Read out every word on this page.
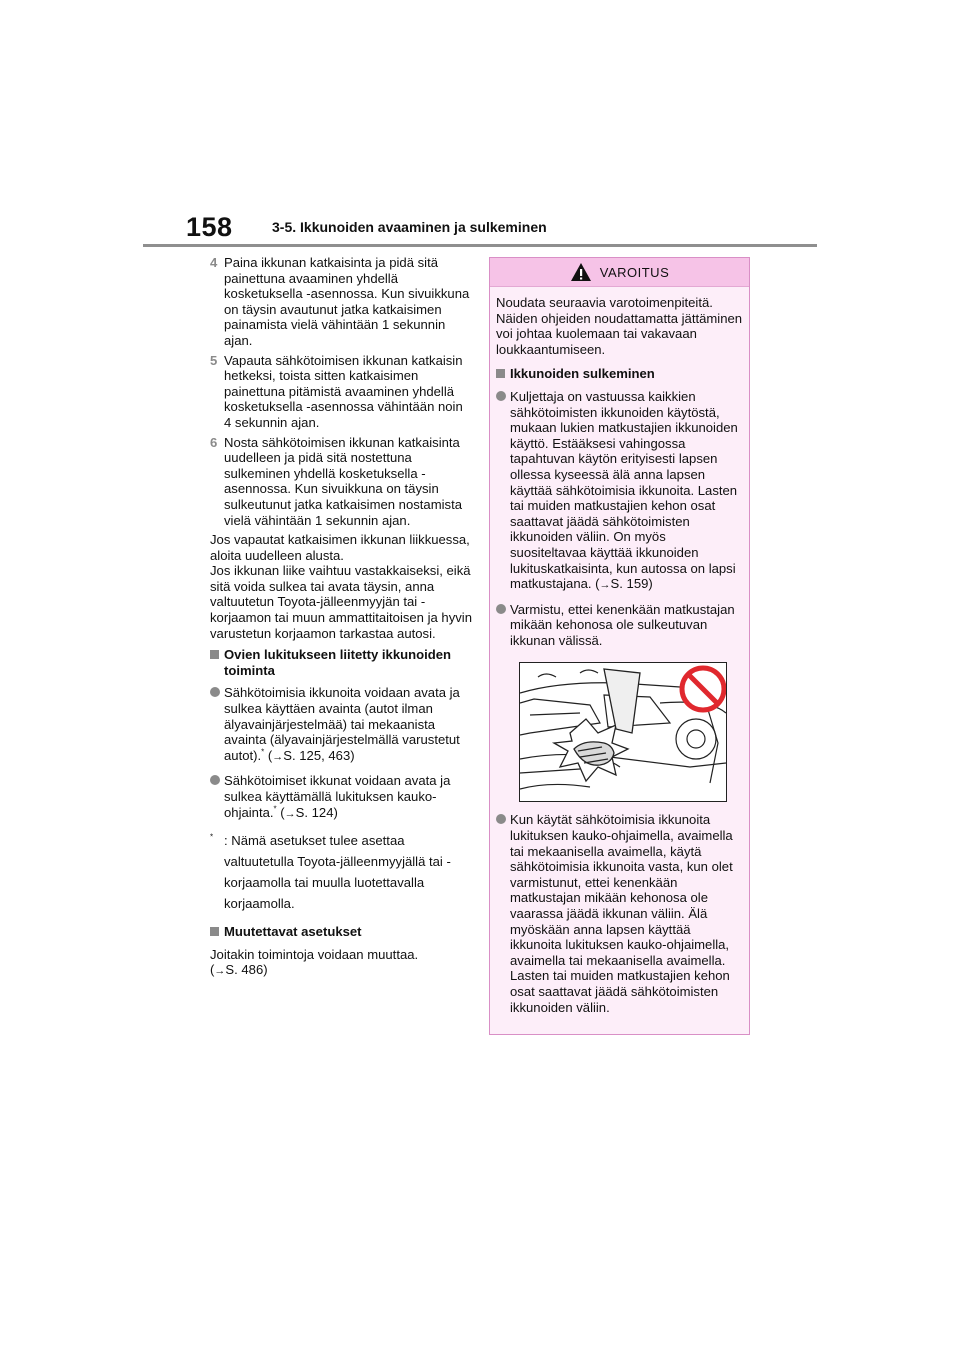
158	3-5. Ikkunoiden avaaminen ja sulkeminen
4 Paina ikkunan katkaisinta ja pidä sitä painettuna avaaminen yhdellä kosketuksella -asennossa. Kun sivuikkuna on täysin avautunut jatka katkaisimen painamista vielä vähintään 1 sekunnin ajan.
5 Vapauta sähkötoimisen ikkunan katkaisin hetkeksi, toista sitten katkaisimen painettuna pitämistä avaaminen yhdellä kosketuksella -asennossa vähintään noin 4 sekunnin ajan.
6 Nosta sähkötoimisen ikkunan katkaisinta uudelleen ja pidä sitä nostettuna sulkeminen yhdellä kosketuksella -asennossa. Kun sivuikkuna on täysin sulkeutunut jatka katkaisimen nostamista vielä vähintään 1 sekunnin ajan.

Jos vapautat katkaisimen ikkunan liikkuessa, aloita uudelleen alusta.

Jos ikkunan liike vaihtuu vastakkaiseksi, eikä sitä voida sulkea tai avata täysin, anna valtuutetun Toyota-jälleenmyyjän tai -korjaamon tai muun ammattitaitoisen ja hyvin varustetun korjaamon tarkastaa autosi.

Ovien lukitukseen liitetty ikkunoiden toiminta
Sähkötoimisia ikkunoita voidaan avata ja sulkea käyttäen avainta (autot ilman älyavainjärjestelmää) tai mekaanista avainta (älyavainjärjestelmällä varustetut autot).* (→S. 125, 463)
Sähkötoimiset ikkunat voidaan avata ja sulkea käyttämällä lukituksen kauko-ohjainta.* (→S. 124)
* : Nämä asetukset tulee asettaa valtuutetulla Toyota-jälleenmyyjällä tai -korjaamolla tai muulla luotettavalla korjaamolla.
Muutettavat asetukset

Joitakin toimintoja voidaan muuttaa.
(→S. 486)

VAROITUS

Noudata seuraavia varotoimenpiteitä. Näiden ohjeiden noudattamatta jättäminen voi johtaa kuolemaan tai vakavaan loukkaantumiseen.

Ikkunoiden sulkeminen
Kuljettaja on vastuussa kaikkien sähkötoimisten ikkunoiden käytöstä, mukaan lukien matkustajien ikkunoiden käyttö. Estääksesi vahingossa tapahtuvan käytön erityisesti lapsen ollessa kyseessä älä anna lapsen käyttää sähkötoimisia ikkunoita. Lasten tai muiden matkustajien kehon osat saattavat jäädä sähkötoimisten ikkunoiden väliin. On myös suositeltavaa käyttää ikkunoiden lukituskatkaisinta, kun autossa on lapsi matkustajana. (→S. 159)
Varmistu, ettei kenenkään matkustajan mikään kehonosa ole sulkeutuvan ikkunan välissä.
Kun käytät sähkötoimisia ikkunoita lukituksen kauko-ohjaimella, avaimella tai mekaanisella avaimella, käytä sähkötoimisia ikkunoita vasta, kun olet varmistunut, ettei kenenkään matkustajan mikään kehonosa ole vaarassa jäädä ikkunan väliin. Älä myöskään anna lapsen käyttää ikkunoita lukituksen kauko-ohjaimella, avaimella tai mekaanisella avaimella. Lasten tai muiden matkustajien kehon osat saattavat jäädä sähkötoimisten ikkunoiden väliin.
